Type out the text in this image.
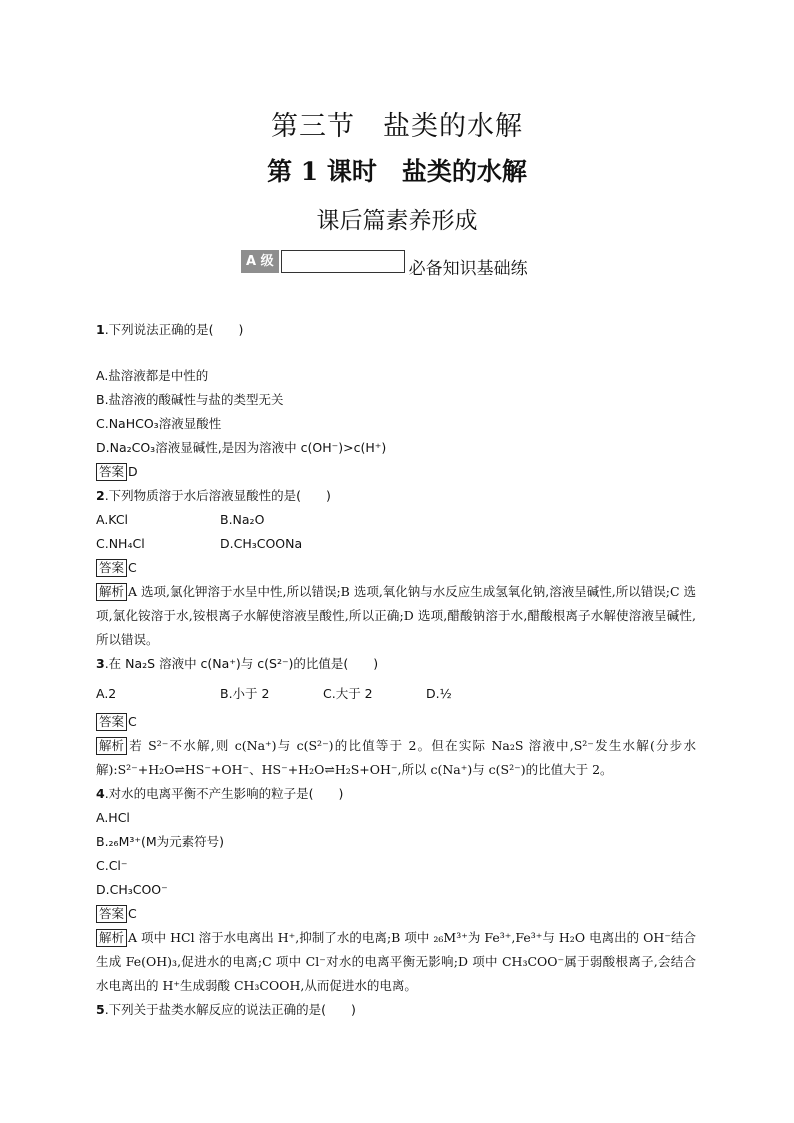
第三节　盐类的水解
第 1 课时　盐类的水解
课后篇素养形成
A 级	必备知识基础练
1.下列说法正确的是(　　)
A.盐溶液都是中性的
B.盐溶液的酸碱性与盐的类型无关
C.NaHCO₃溶液显酸性
D.Na₂CO₃溶液显碱性,是因为溶液中 c(OH⁻)>c(H⁺)
答案 D
2.下列物质溶于水后溶液显酸性的是(　　)
A.KCl	B.Na₂O
C.NH₄Cl	D.CH₃COONa
答案 C
解析 A 选项,氯化钾溶于水呈中性,所以错误;B 选项,氧化钠与水反应生成氢氧化钠,溶液呈碱性,所以错误;C 选项,氯化铵溶于水,铵根离子水解使溶液呈酸性,所以正确;D 选项,醋酸钠溶于水,醋酸根离子水解使溶液呈碱性,所以错误。
3.在 Na₂S 溶液中 c(Na⁺)与 c(S²⁻)的比值是(　　)
A.2	B.小于 2	C.大于 2	D.½
答案 C
解析 若 S²⁻不水解,则 c(Na⁺)与 c(S²⁻)的比值等于 2。但在实际 Na₂S 溶液中,S²⁻发生水解(分步水解):S²⁻+H₂O⇌HS⁻+OH⁻、HS⁻+H₂O⇌H₂S+OH⁻,所以 c(Na⁺)与 c(S²⁻)的比值大于 2。
4.对水的电离平衡不产生影响的粒子是(　　)
A.HCl
B.₂₆M³⁺(M为元素符号)
C.Cl⁻
D.CH₃COO⁻
答案 C
解析 A 项中 HCl 溶于水电离出 H⁺,抑制了水的电离;B 项中 ₂₆M³⁺为 Fe³⁺,Fe³⁺与 H₂O 电离出的 OH⁻结合生成 Fe(OH)₃,促进水的电离;C 项中 Cl⁻对水的电离平衡无影响;D 项中 CH₃COO⁻属于弱酸根离子,会结合水电离出的 H⁺生成弱酸 CH₃COOH,从而促进水的电离。
5.下列关于盐类水解反应的说法正确的是(　　)
